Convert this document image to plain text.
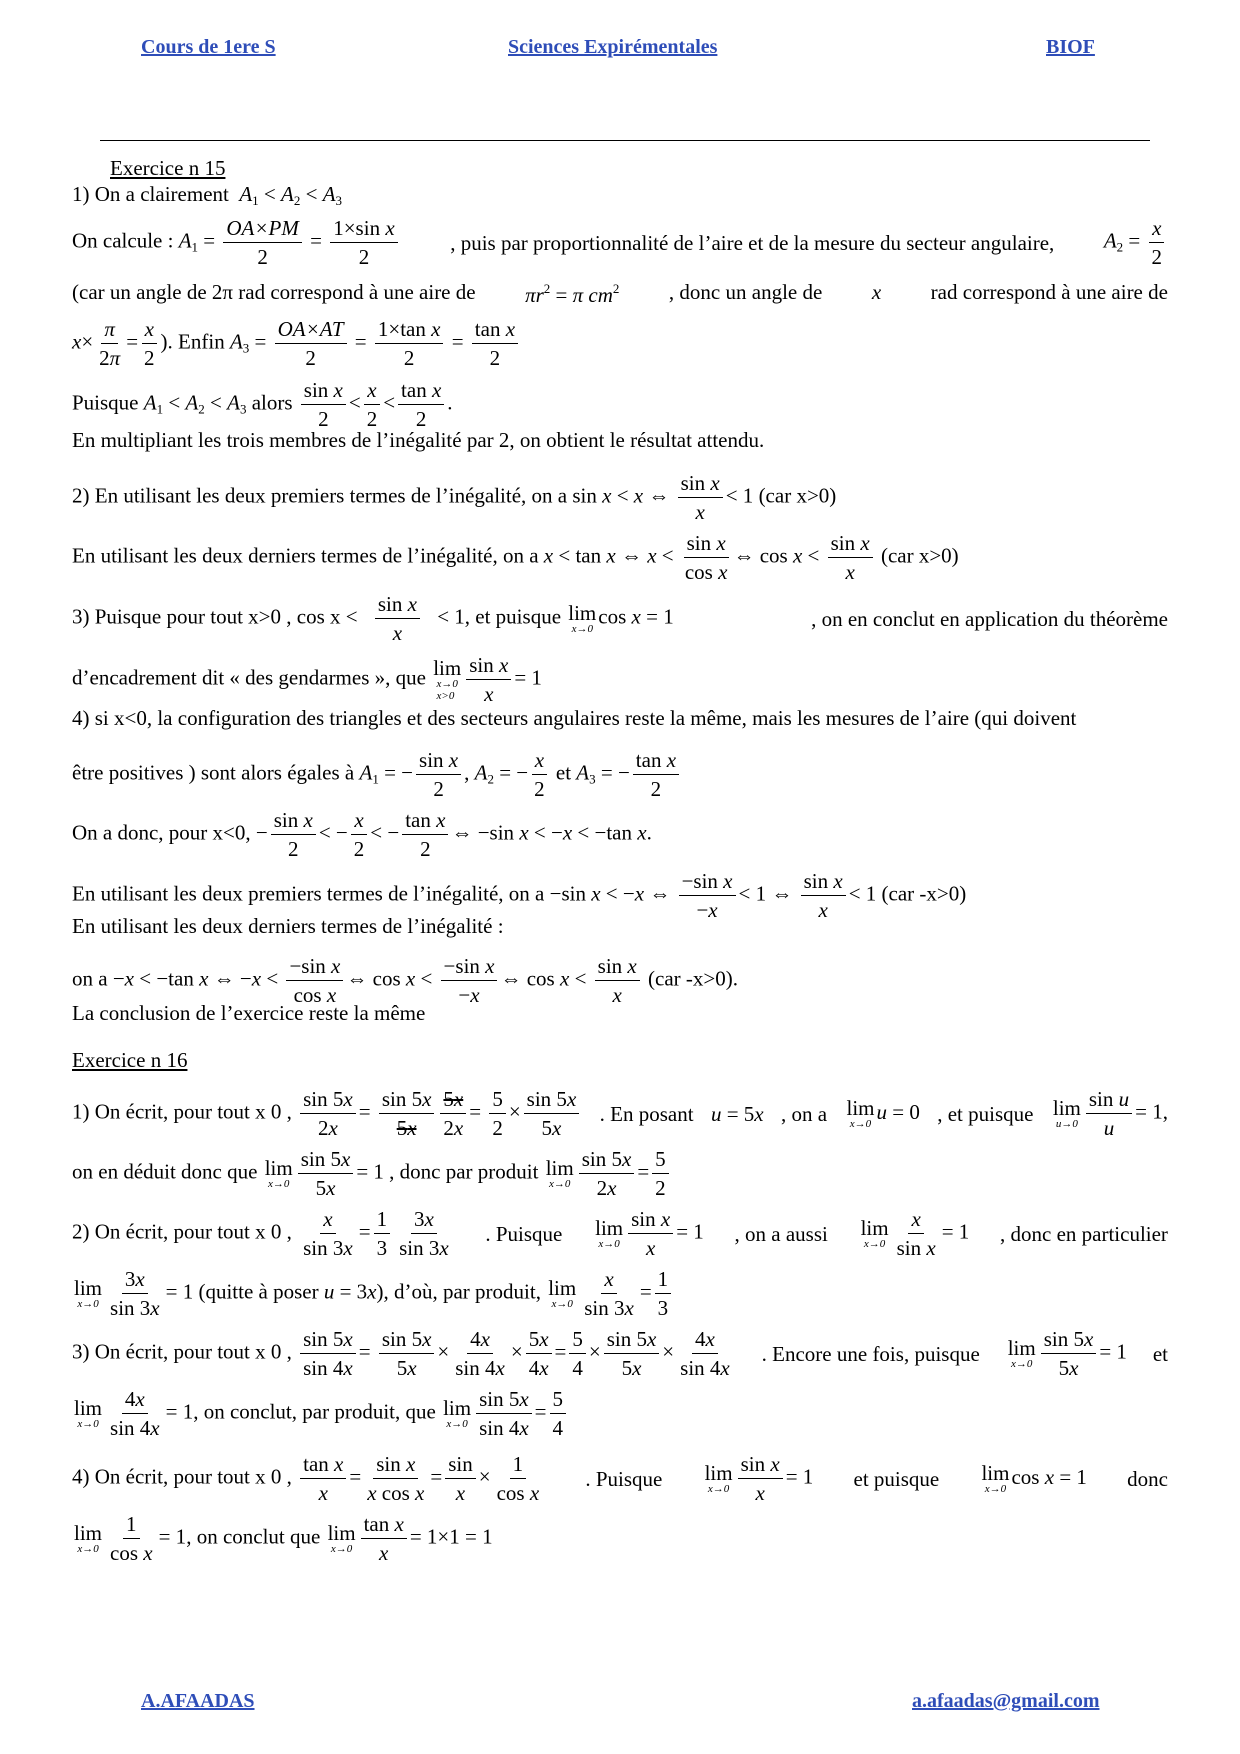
Cours de 1ere S	Sciences Expirémentales	BIOF
Exercice n 15
1) On a clairement  $A_1 < A_2 < A_3$
On calcule : $A_1 = \frac{OA\times PM}{2} = \frac{\text{1×sin x}}{2}$	, puis par proportionnalité de l’aire et de la mesure du secteur angulaire, $A_2 = \frac{x}{2}$
(car un angle de 2π rad correspond à une aire de $\pi r^2 = \pi$ $cm^2$ , donc un angle de x rad correspond à une aire de
$x\times \frac{\pi}{2\pi} = \frac{x}{2}$ ). Enfin $A_3 = \frac{OA\times AT}{2} = \frac{\text{1×tan x}}{2} = \frac{\text{tan x}}{2}$
Puisque $A_1 < A_2 < A_3$ alors $\frac{\text{sin x}}{2} < \frac{x}{2} < \frac{\text{tan x}}{2}$ .
En multipliant les trois membres de l’inégalité par 2, on obtient le résultat attendu.
2) En utilisant les deux premiers termes de l’inégalité, on a sin x < x ⇔ $\frac{\text{sin x}}{x} < 1$ (car x>0)
En utilisant les deux derniers termes de l’inégalité, on a x < tan x ⇔ $x < \frac{\text{sin x}}{\text{cos x}}$ ⇔ $\cos x < \frac{\text{sin x}}{x} (car$ x>0)
3) Puisque pour tout x>0 , $\cos x < \frac{\text{sin x}}{x} < 1$, et puisque lim
x→0
cos x = 1	, on en conclut en application du théorème
d’encadrement dit « des gendarmes », que lim
x→0
$x>0 \frac{\text{sin x}}{x} = 1$
4) si x<0, la configuration des triangles et des secteurs angulaires reste la même, mais les mesures de l’aire (qui doivent
être positives ) sont alors égales à $A_1$ = − $\frac{\text{sin x}}{2}$ , $A_2$ = − $\frac{x}{2}$ et $A_3$ = − $\frac{\text{tan x}}{2}$
On a donc, pour x<0, − $\frac{\text{sin x}}{2}$ < − $\frac{x}{2}$ < − $\frac{\text{tan x}}{2}$ ⇔ −sin x < −x < −tan x.
En utilisant les deux premiers termes de l’inégalité, on a −sin x < −x ⇔ $\frac{\text{−sin x}}{-x} < 1$ ⇔ $\frac{\text{sin x}}{x} < 1$ (car -x>0)
En utilisant les deux derniers termes de l’inégalité :
on a −x < −tan x ⇔ $-x < \frac{\text{−sin x}}{\text{cos x}}$ ⇔ $\cos x < \frac{\text{−sin x}}{-x}$ ⇔ $\cos x < \frac{\text{sin x}}{x} (car$ -x>0).
La conclusion de l’exercice reste la même
Exercice n 16
1) On écrit, pour tout x 0 , $\frac{\sin 5x}{2x} = \frac{\sin 5x}{5x} \frac{5x}{2x} = \frac{5}{2} \times \frac{\sin 5x}{5x}$ . En posant u = 5x , on a lim
x→0
u = 0 , et puisque lim
$u\to 0 \frac{\text{sin u}}{u} = 1$,
on en déduit donc que lim
$x\to 0 \frac{\sin 5x}{5x} = 1$ , donc par produit lim
$x\to 0 \frac{\sin 5x}{2x} = \frac{5}{2}$
2) On écrit, pour tout x 0 , $\frac{x}{\sin 3x} = \frac{1}{3} \frac{3x}{\sin 3x}$ . Puisque lim
$x\to 0 \frac{\text{sin x}}{x} = 1$ , on a aussi lim
$x\to 0 \frac{x}{\text{sin x}} = 1$ , donc en particulier
lim
$x\to 0 \frac{3x}{\sin 3x} = 1$ (quitte à poser u = 3x), d’où, par produit, lim
$x\to 0 \frac{x}{\sin 3x} = \frac{1}{3}$
3) On écrit, pour tout x 0 , $\frac{\sin 5x}{\sin 4x} = \frac{\sin 5x}{5x} \times \frac{4x}{\sin 4x} \times \frac{5x}{4x} = \frac{5}{4} \times \frac{\sin 5x}{5x} \times \frac{4x}{\sin 4x}$ . Encore une fois, puisque lim
$x\to 0 \frac{\sin 5x}{5x} = 1$ et
lim
$x\to 0 \frac{4x}{\sin 4x} = 1$, on conclut, par produit, que lim
$x\to 0 \frac{\sin 5x}{\sin 4x} = \frac{5}{4}$
4) On écrit, pour tout x 0 , $\frac{\text{tan x}}{x} = \frac{\text{sin x}}{\text{x cos x}} = \frac{\sin}{x} \times \frac{1}{\text{cos x}}$ . Puisque lim
$x\to 0 \frac{\text{sin x}}{x} = 1$ et puisque lim
x→0
cos x = 1 donc
lim
$x\to 0 \frac{1}{\text{cos x}} = 1$, on conclut que lim
$x\to 0 \frac{\text{tan x}}{x} = 1\times 1 = 1$
A.AFAADAS	a.afaadas@gmail.com
